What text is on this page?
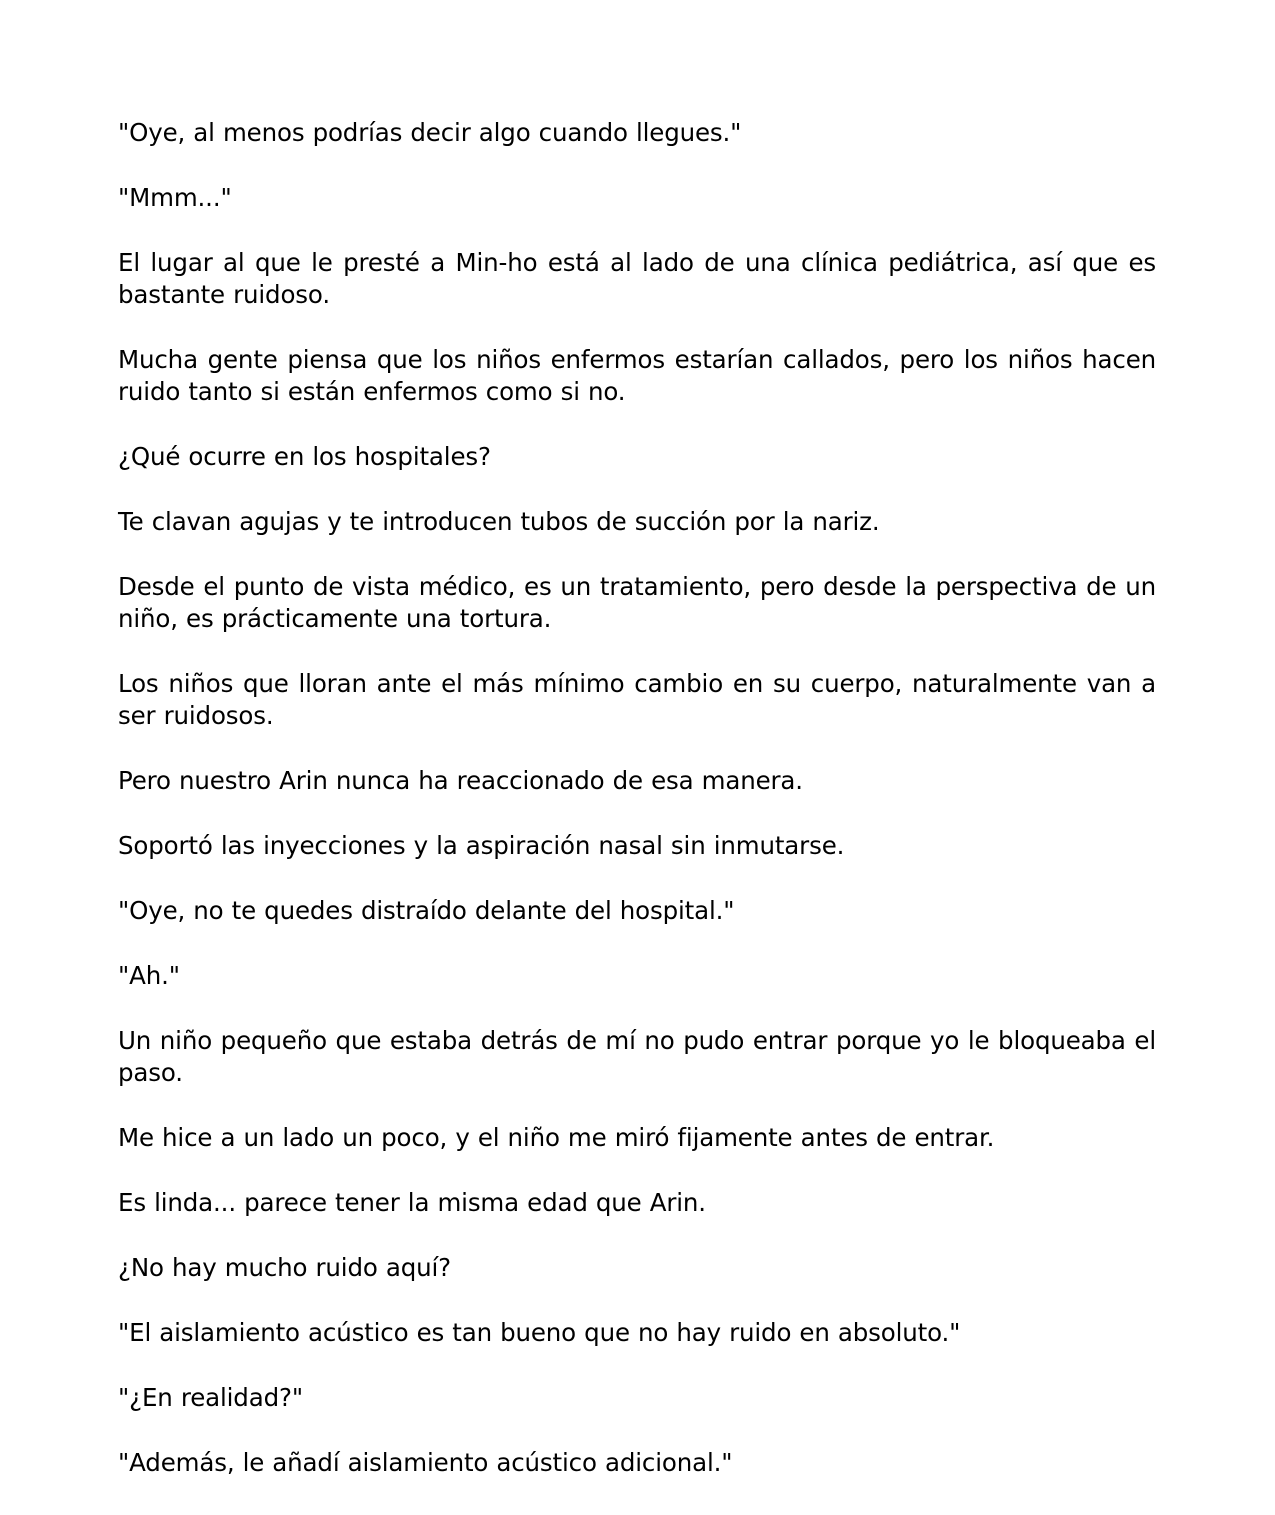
"Oye, al menos podrías decir algo cuando llegues."

"Mmm..."

El lugar al que le presté a Min-ho está al lado de una clínica pediátrica, así que es bastante ruidoso.

Mucha gente piensa que los niños enfermos estarían callados, pero los niños hacen ruido tanto si están enfermos como si no.

¿Qué ocurre en los hospitales?

Te clavan agujas y te introducen tubos de succión por la nariz.

Desde el punto de vista médico, es un tratamiento, pero desde la perspectiva de un niño, es prácticamente una tortura.

Los niños que lloran ante el más mínimo cambio en su cuerpo, naturalmente van a ser ruidosos.

Pero nuestro Arin nunca ha reaccionado de esa manera.

Soportó las inyecciones y la aspiración nasal sin inmutarse.

"Oye, no te quedes distraído delante del hospital."

"Ah."

Un niño pequeño que estaba detrás de mí no pudo entrar porque yo le bloqueaba el paso.

Me hice a un lado un poco, y el niño me miró fijamente antes de entrar.

Es linda... parece tener la misma edad que Arin.

¿No hay mucho ruido aquí?

"El aislamiento acústico es tan bueno que no hay ruido en absoluto."

"¿En realidad?"

"Además, le añadí aislamiento acústico adicional."
